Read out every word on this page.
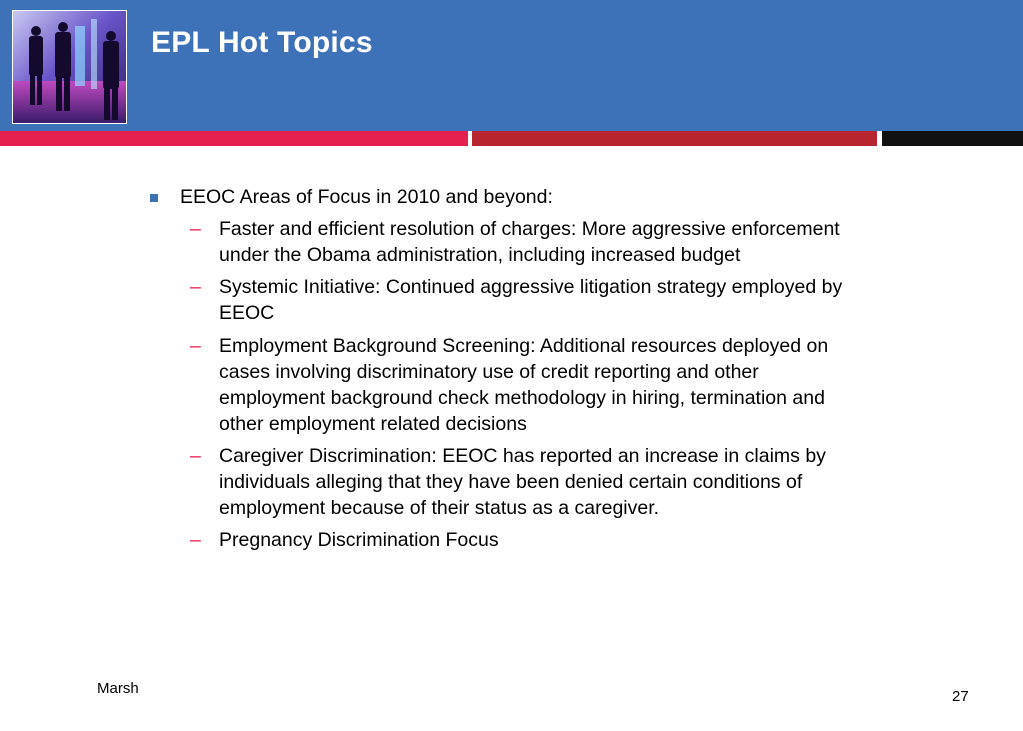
EPL Hot Topics
EEOC Areas of Focus in 2010 and beyond:
– Faster and efficient resolution of charges: More aggressive enforcement
under the Obama administration, including increased budget
– Systemic Initiative: Continued aggressive litigation strategy employed by
EEOC
– Employment Background Screening: Additional resources deployed on
cases involving discriminatory use of credit reporting and other
employment background check methodology in hiring, termination and
other employment related decisions
– Caregiver Discrimination: EEOC has reported an increase in claims by
individuals alleging that they have been denied certain conditions of
employment because of their status as a caregiver.
– Pregnancy Discrimination Focus
Marsh	27
